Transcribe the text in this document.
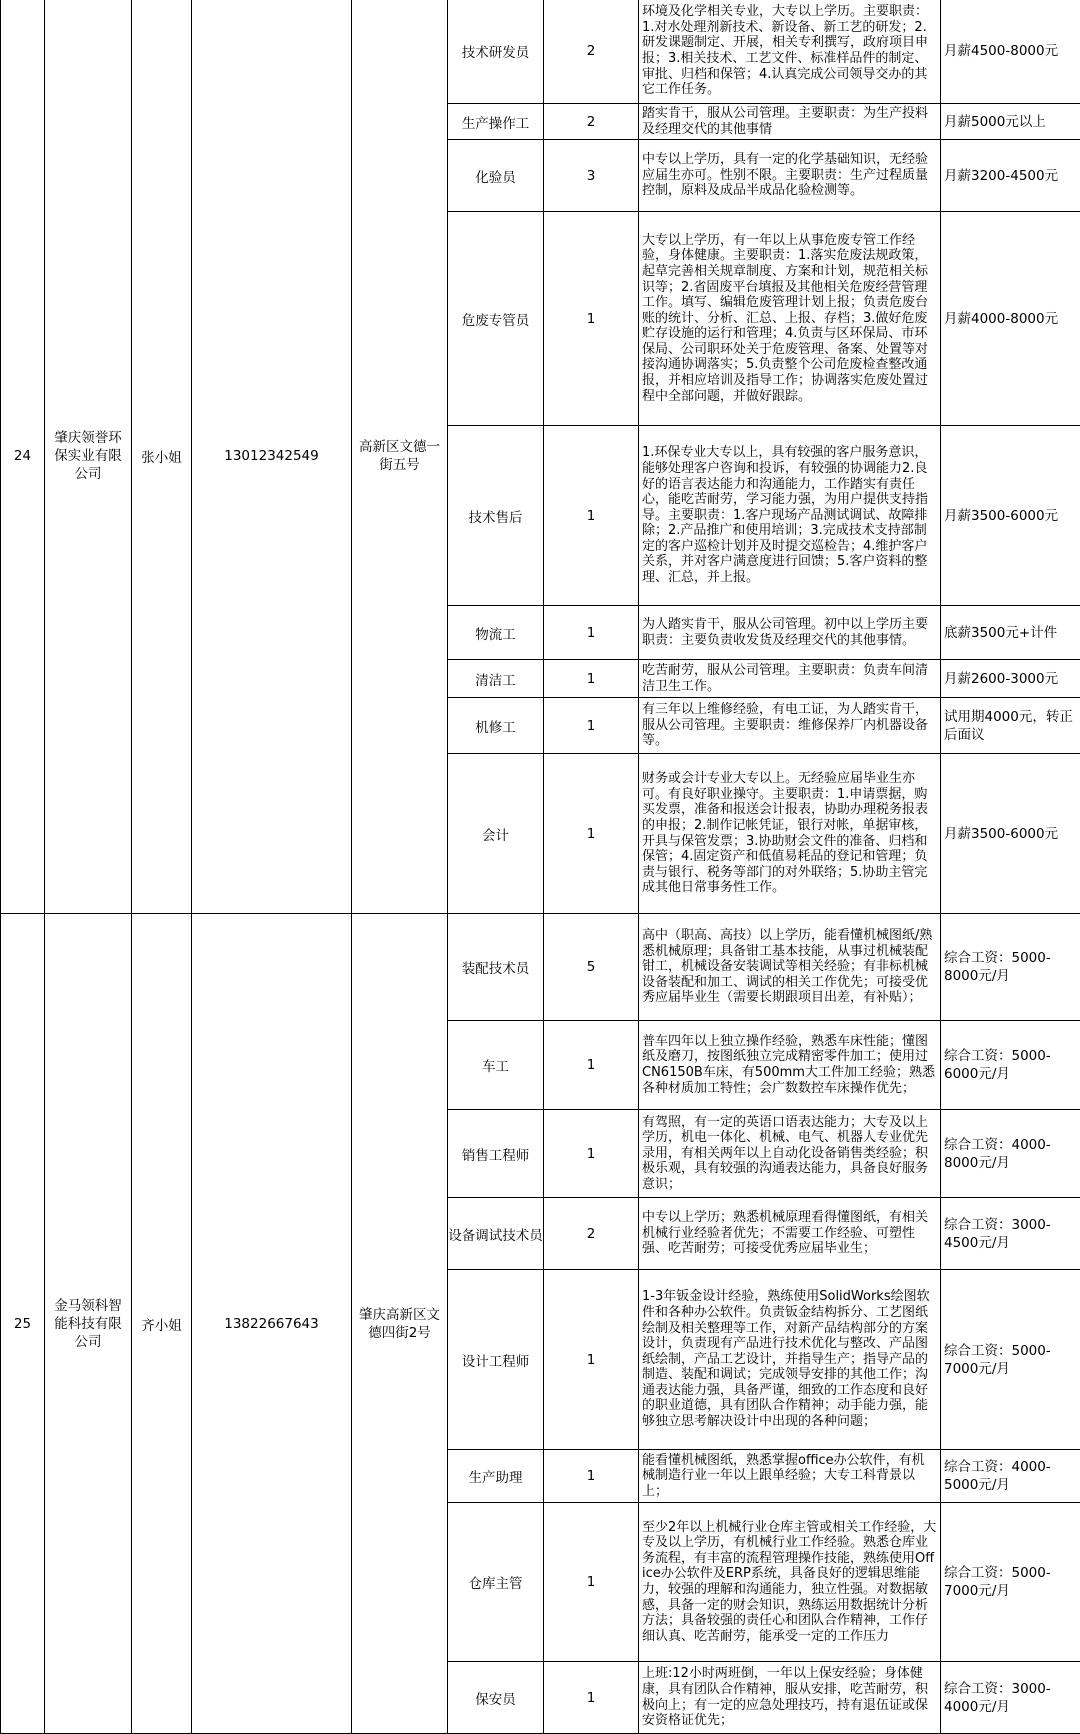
24	肇庆领誉环保实业有限公司	张小姐	13012342549	高新区文德一街五号	技术研发员	2	环境及化学相关专业，大专以上学历。主要职责：1.对水处理剂新技术、新设备、新工艺的研发；2.研发课题制定、开展，相关专利撰写，政府项目申报；3.相关技术、工艺文件、标准样品件的制定、审批、归档和保管；4.认真完成公司领导交办的其它工作任务。	月薪4500-8000元
					生产操作工	2	踏实肯干，服从公司管理。主要职责：为生产投料及经理交代的其他事情	月薪5000元以上
					化验员	3	中专以上学历，具有一定的化学基础知识，无经验应届生亦可。性别不限。主要职责：生产过程质量控制，原料及成品半成品化验检测等。	月薪3200-4500元
					危废专管员	1	大专以上学历，有一年以上从事危废专管工作经验，身体健康。主要职责：1.落实危废法规政策，起草完善相关规章制度、方案和计划，规范相关标识等；2.省固废平台填报及其他相关危废经营管理工作。填写、编辑危废管理计划上报；负责危废台账的统计、分析、汇总、上报、存档；3.做好危废贮存设施的运行和管理；4.负责与区环保局、市环保局、公司职环处关于危废管理、备案、处置等对接沟通协调落实；5.负责整个公司危废检查整改通报，并相应培训及指导工作；协调落实危废处置过程中全部问题，并做好跟踪。	月薪4000-8000元
					技术售后	1	1.环保专业大专以上，具有较强的客户服务意识，能够处理客户咨询和投诉，有较强的协调能力2.良好的语言表达能力和沟通能力，工作踏实有责任心，能吃苦耐劳，学习能力强，为用户提供支持指导。主要职责：1.客户现场产品测试调试、故障排除；2.产品推广和使用培训；3.完成技术支持部制定的客户巡检计划并及时提交巡检告；4.维护客户关系，并对客户满意度进行回馈；5.客户资料的整理、汇总，并上报。	月薪3500-6000元
					物流工	1	为人踏实肯干，服从公司管理。初中以上学历主要职责：主要负责收发货及经理交代的其他事情。	底薪3500元+计件
					清洁工	1	吃苦耐劳，服从公司管理。主要职责：负责车间清洁卫生工作。	月薪2600-3000元
					机修工	1	有三年以上维修经验，有电工证，为人踏实肯干，服从公司管理。主要职责：维修保养厂内机器设备等。	试用期4000元，转正后面议
					会计	1	财务或会计专业大专以上。无经验应届毕业生亦可。有良好职业操守。主要职责：1.申请票据，购买发票，准备和报送会计报表，协助办理税务报表的申报；2.制作记帐凭证，银行对帐，单据审核，开具与保管发票；3.协助财会文件的准备、归档和保管；4.固定资产和低值易耗品的登记和管理；负责与银行、税务等部门的对外联络；5.协助主管完成其他日常事务性工作。	月薪3500-6000元
25	金马领科智能科技有限公司	齐小姐	13822667643	肇庆高新区文德四街2号	装配技术员	5	高中（职高、高技）以上学历，能看懂机械图纸/熟悉机械原理；具备钳工基本技能，从事过机械装配钳工，机械设备安装调试等相关经验；有非标机械设备装配和加工、调试的相关工作优先；可接受优秀应届毕业生（需要长期跟项目出差，有补贴）；	综合工资：5000-8000元/月
					车工	1	普车四年以上独立操作经验，熟悉车床性能；懂图纸及磨刀，按图纸独立完成精密零件加工；使用过CN6150B车床，有500mm大工件加工经验；熟悉各种材质加工特性；会广数数控车床操作优先；	综合工资：5000-6000元/月
					销售工程师	1	有驾照，有一定的英语口语表达能力；大专及以上学历，机电一体化、机械、电气、机器人专业优先录用，有相关两年以上自动化设备销售类经验；积极乐观，具有较强的沟通表达能力，具备良好服务意识；	综合工资：4000-8000元/月
					设备调试技术员	2	中专以上学历；熟悉机械原理看得懂图纸，有相关机械行业经验者优先；不需要工作经验、可塑性强、吃苦耐劳；可接受优秀应届毕业生；	综合工资：3000-4500元/月
					设计工程师	1	1-3年钣金设计经验，熟练使用SolidWorks绘图软件和各种办公软件。负责钣金结构拆分、工艺图纸绘制及相关整理等工作，对新产品结构部分的方案设计，负责现有产品进行技术优化与整改、产品图纸绘制，产品工艺设计，并指导生产；指导产品的制造、装配和调试；完成领导安排的其他工作；沟通表达能力强，具备严谨，细致的工作态度和良好的职业道德，具有团队合作精神；动手能力强，能够独立思考解决设计中出现的各种问题；	综合工资：5000-7000元/月
					生产助理	1	能看懂机械图纸，熟悉掌握office办公软件，有机械制造行业一年以上跟单经验；大专工科背景以上；	综合工资：4000-5000元/月
					仓库主管	1	至少2年以上机械行业仓库主管或相关工作经验，大专及以上学历，有机械行业工作经验。熟悉仓库业务流程，有丰富的流程管理操作技能，熟练使用Office办公软件及ERP系统，具备良好的逻辑思维能力，较强的理解和沟通能力，独立性强。对数据敏感，具备一定的财会知识，熟练运用数据统计分析方法；具备较强的责任心和团队合作精神，工作仔细认真、吃苦耐劳，能承受一定的工作压力	综合工资：5000-7000元/月
					保安员	1	上班:12小时两班倒，一年以上保安经验；身体健康，具有团队合作精神，服从安排，吃苦耐劳，积极向上；有一定的应急处理技巧，持有退伍证或保安资格证优先；	综合工资：3000-4000元/月
